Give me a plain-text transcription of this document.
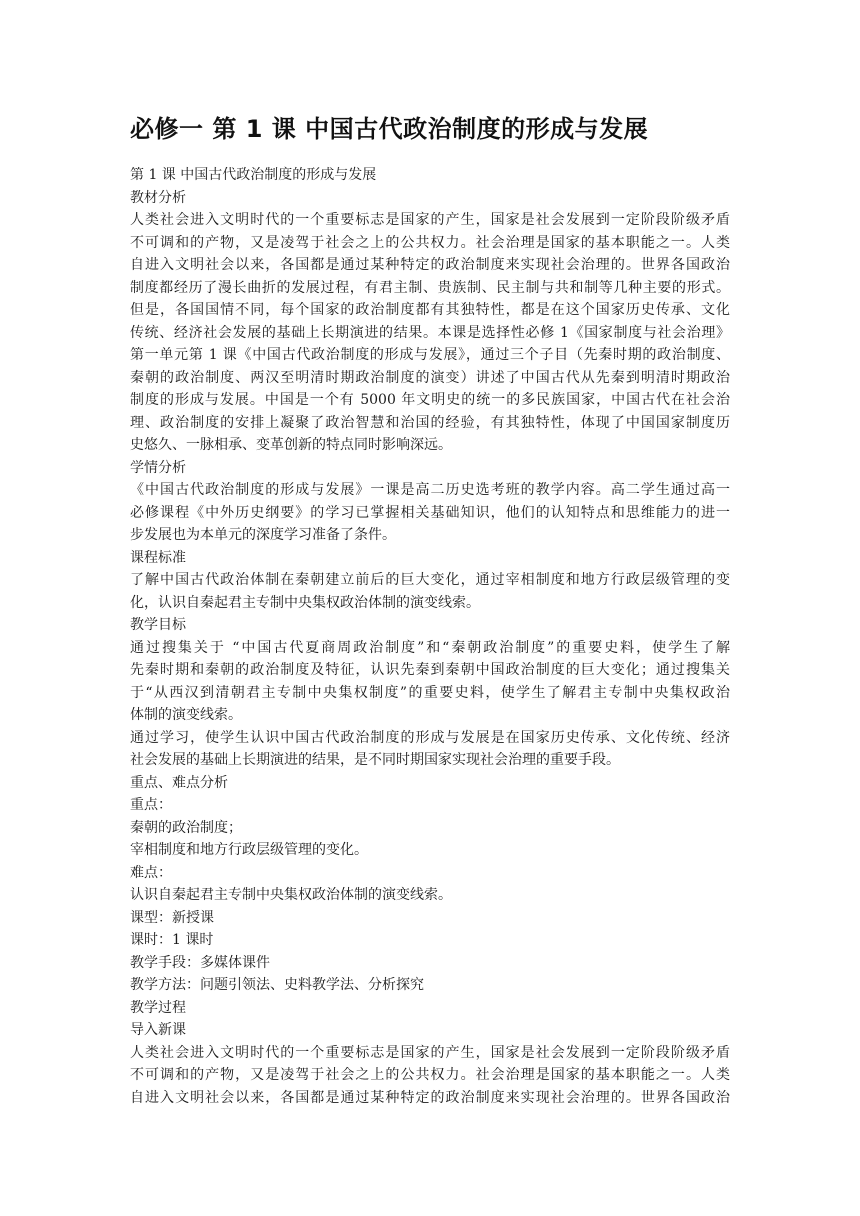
必修一 第 1 课 中国古代政治制度的形成与发展
第 1 课 中国古代政治制度的形成与发展
教材分析
人类社会进入文明时代的一个重要标志是国家的产生，国家是社会发展到一定阶段阶级矛盾
不可调和的产物，又是凌驾于社会之上的公共权力。社会治理是国家的基本职能之一。人类
自进入文明社会以来，各国都是通过某种特定的政治制度来实现社会治理的。世界各国政治
制度都经历了漫长曲折的发展过程，有君主制、贵族制、民主制与共和制等几种主要的形式。
但是，各国国情不同，每个国家的政治制度都有其独特性，都是在这个国家历史传承、文化
传统、经济社会发展的基础上长期演进的结果。本课是选择性必修 1《国家制度与社会治理》
第一单元第 1 课《中国古代政治制度的形成与发展》，通过三个子目（先秦时期的政治制度、
秦朝的政治制度、两汉至明清时期政治制度的演变）讲述了中国古代从先秦到明清时期政治
制度的形成与发展。中国是一个有 5000 年文明史的统一的多民族国家，中国古代在社会治
理、政治制度的安排上凝聚了政治智慧和治国的经验，有其独特性，体现了中国国家制度历
史悠久、一脉相承、变革创新的特点同时影响深远。
学情分析
《中国古代政治制度的形成与发展》一课是高二历史选考班的教学内容。高二学生通过高一
必修课程《中外历史纲要》的学习已掌握相关基础知识，他们的认知特点和思维能力的进一
步发展也为本单元的深度学习准备了条件。
课程标准
了解中国古代政治体制在秦朝建立前后的巨大变化，通过宰相制度和地方行政层级管理的变
化，认识自秦起君主专制中央集权政治体制的演变线索。
教学目标
通过搜集关于 “中国古代夏商周政治制度”和“秦朝政治制度”的重要史料，使学生了解
先秦时期和秦朝的政治制度及特征，认识先秦到秦朝中国政治制度的巨大变化；通过搜集关
于“从西汉到清朝君主专制中央集权制度”的重要史料，使学生了解君主专制中央集权政治
体制的演变线索。
通过学习，使学生认识中国古代政治制度的形成与发展是在国家历史传承、文化传统、经济
社会发展的基础上长期演进的结果，是不同时期国家实现社会治理的重要手段。
重点、难点分析
重点：
秦朝的政治制度；
宰相制度和地方行政层级管理的变化。
难点：
认识自秦起君主专制中央集权政治体制的演变线索。
课型：新授课
课时：1 课时
教学手段：多媒体课件
教学方法：问题引领法、史料教学法、分析探究
教学过程
导入新课
人类社会进入文明时代的一个重要标志是国家的产生，国家是社会发展到一定阶段阶级矛盾
不可调和的产物，又是凌驾于社会之上的公共权力。社会治理是国家的基本职能之一。人类
自进入文明社会以来，各国都是通过某种特定的政治制度来实现社会治理的。世界各国政治
